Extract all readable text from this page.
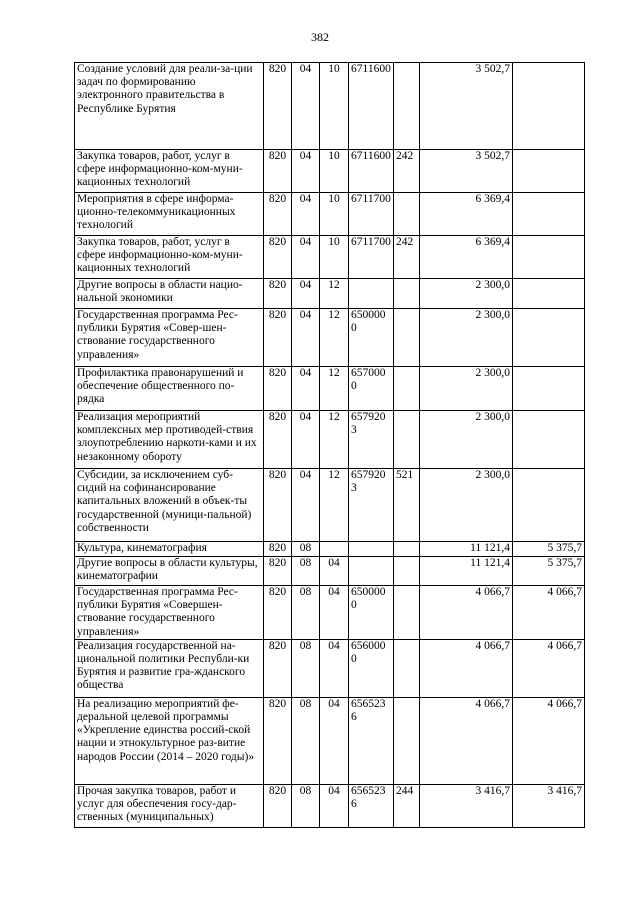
382
Создание условий для реали-за-ции задач по формированию электронного правительства в Республике Бурятия	820	04	10	6711600		3 502,7	
Закупка товаров, работ, услуг в сфере информационно-ком-муни-кационных технологий	820	04	10	6711600	242	3 502,7	
Мероприятия в сфере информа-ционно-телекоммуникационных технологий	820	04	10	6711700		6 369,4	
Закупка товаров, работ, услуг в сфере информационно-ком-муни-кационных технологий	820	04	10	6711700	242	6 369,4	
Другие вопросы в области нацио-нальной экономики	820	04	12			2 300,0	
Государственная программа Рес-публики Бурятия «Совер-шен-ствование государственного управления»	820	04	12	6500000		2 300,0	
Профилактика правонарушений и обеспечение общественного по-рядка	820	04	12	6570000		2 300,0	
Реализация мероприятий комплексных мер противодей-ствия злоупотреблению наркоти-ками и их незаконному обороту	820	04	12	6579203		2 300,0	
Субсидии, за исключением суб-сидий на софинансирование капитальных вложений в объек-ты государственной (муници-пальной) собственности	820	04	12	6579203	521	2 300,0	
Культура, кинематография	820	08				11 121,4	5 375,7
Другие вопросы в области культуры, кинематографии	820	08	04			11 121,4	5 375,7
Государственная программа Рес-публики Бурятия «Совершен-ствование государственного управления»	820	08	04	6500000		4 066,7	4 066,7
Реализация государственной на-циональной политики Республи-ки Бурятия и развитие гра-жданского общества	820	08	04	6560000		4 066,7	4 066,7
На реализацию мероприятий фе-деральной целевой программы «Укрепление единства россий-ской нации и этнокультурное раз-витие народов России (2014 – 2020 годы)»	820	08	04	6565236		4 066,7	4 066,7
Прочая закупка товаров, работ и услуг для обеспечения госу-дар-ственных (муниципальных)	820	08	04	6565236	244	3 416,7	3 416,7
